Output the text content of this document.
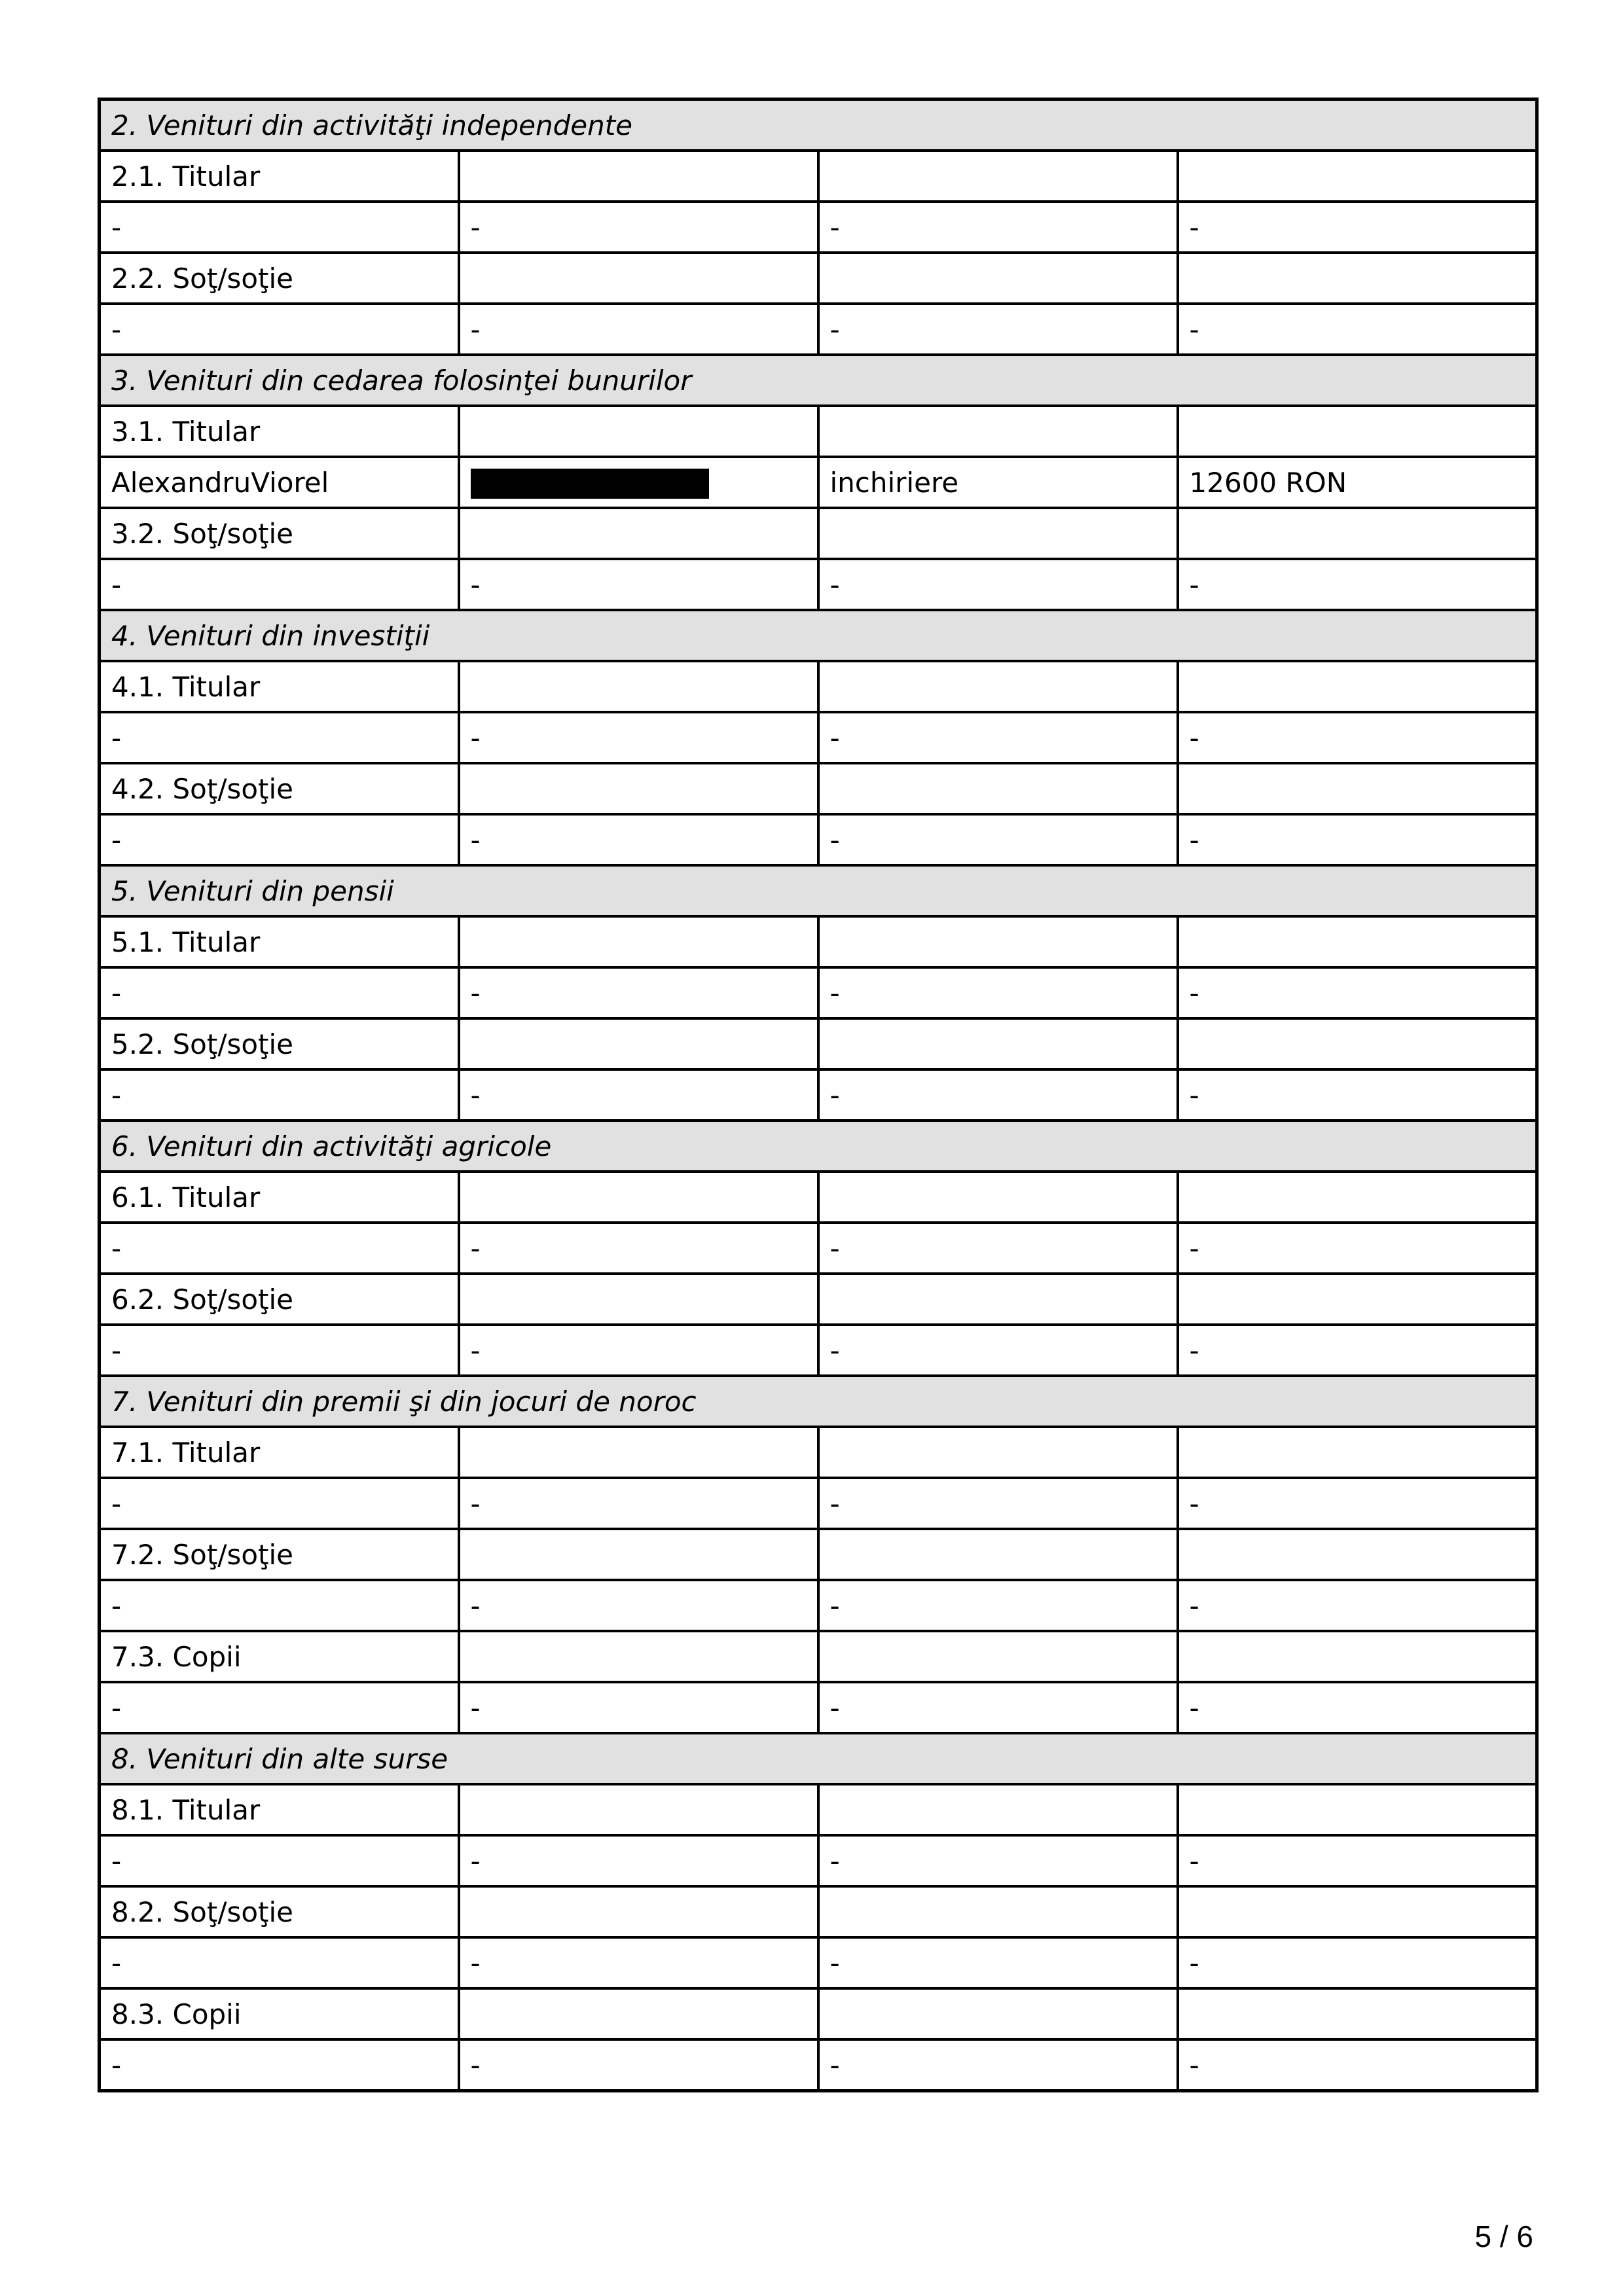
2. Venituri din activităţi independente			
2.1. Titular			
-	-	-	-
2.2. Soţ/soţie			
-	-	-	-
3. Venituri din cedarea folosinţei bunurilor			
3.1. Titular			
AlexandruViorel		inchiriere	12600 RON
3.2. Soţ/soţie			
-	-	-	-
4. Venituri din investiţii			
4.1. Titular			
-	-	-	-
4.2. Soţ/soţie			
-	-	-	-
5. Venituri din pensii			
5.1. Titular			
-	-	-	-
5.2. Soţ/soţie			
-	-	-	-
6. Venituri din activităţi agricole			
6.1. Titular			
-	-	-	-
6.2. Soţ/soţie			
-	-	-	-
7. Venituri din premii şi din jocuri de noroc			
7.1. Titular			
-	-	-	-
7.2. Soţ/soţie			
-	-	-	-
7.3. Copii			
-	-	-	-
8. Venituri din alte surse			
8.1. Titular			
-	-	-	-
8.2. Soţ/soţie			
-	-	-	-
8.3. Copii			
-	-	-	-
5 / 6
